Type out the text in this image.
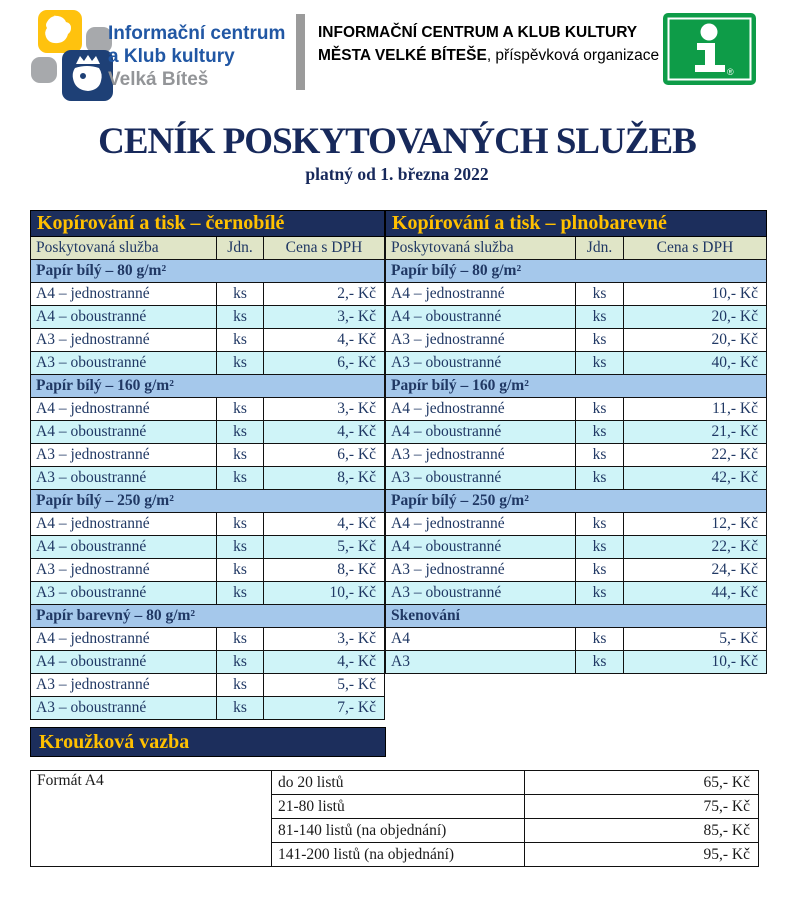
Informační centrum
a Klub kultury
Velká Bíteš
INFORMAČNÍ CENTRUM A KLUB KULTURY
MĚSTA VELKÉ BÍTEŠE, příspěvková organizace
®
CENÍK POSKYTOVANÝCH SLUŽEB
platný od 1. března 2022
Kopírování a tisk – černobílé		
Poskytovaná služba	Jdn.	Cena s DPH
Papír bílý – 80 g/m²		
A4 – jednostranné	ks	2,- Kč
A4 – oboustranné	ks	3,- Kč
A3 – jednostranné	ks	4,- Kč
A3 – oboustranné	ks	6,- Kč
Papír bílý – 160 g/m²		
A4 – jednostranné	ks	3,- Kč
A4 – oboustranné	ks	4,- Kč
A3 – jednostranné	ks	6,- Kč
A3 – oboustranné	ks	8,- Kč
Papír bílý – 250 g/m²		
A4 – jednostranné	ks	4,- Kč
A4 – oboustranné	ks	5,- Kč
A3 – jednostranné	ks	8,- Kč
A3 – oboustranné	ks	10,- Kč
Papír barevný – 80 g/m²		
A4 – jednostranné	ks	3,- Kč
A4 – oboustranné	ks	4,- Kč
A3 – jednostranné	ks	5,- Kč
A3 – oboustranné	ks	7,- Kč
Kopírování a tisk – plnobarevné		
Poskytovaná služba	Jdn.	Cena s DPH
Papír bílý – 80 g/m²		
A4 – jednostranné	ks	10,- Kč
A4 – oboustranné	ks	20,- Kč
A3 – jednostranné	ks	20,- Kč
A3 – oboustranné	ks	40,- Kč
Papír bílý – 160 g/m²		
A4 – jednostranné	ks	11,- Kč
A4 – oboustranné	ks	21,- Kč
A3 – jednostranné	ks	22,- Kč
A3 – oboustranné	ks	42,- Kč
Papír bílý – 250 g/m²		
A4 – jednostranné	ks	12,- Kč
A4 – oboustranné	ks	22,- Kč
A3 – jednostranné	ks	24,- Kč
A3 – oboustranné	ks	44,- Kč
Skenování		
A4	ks	5,- Kč
A3	ks	10,- Kč
Kroužková vazba
Formát A4	do 20 listů	65,- Kč
	21-80 listů	75,- Kč
	81-140 listů (na objednání)	85,- Kč
	141-200 listů (na objednání)	95,- Kč
